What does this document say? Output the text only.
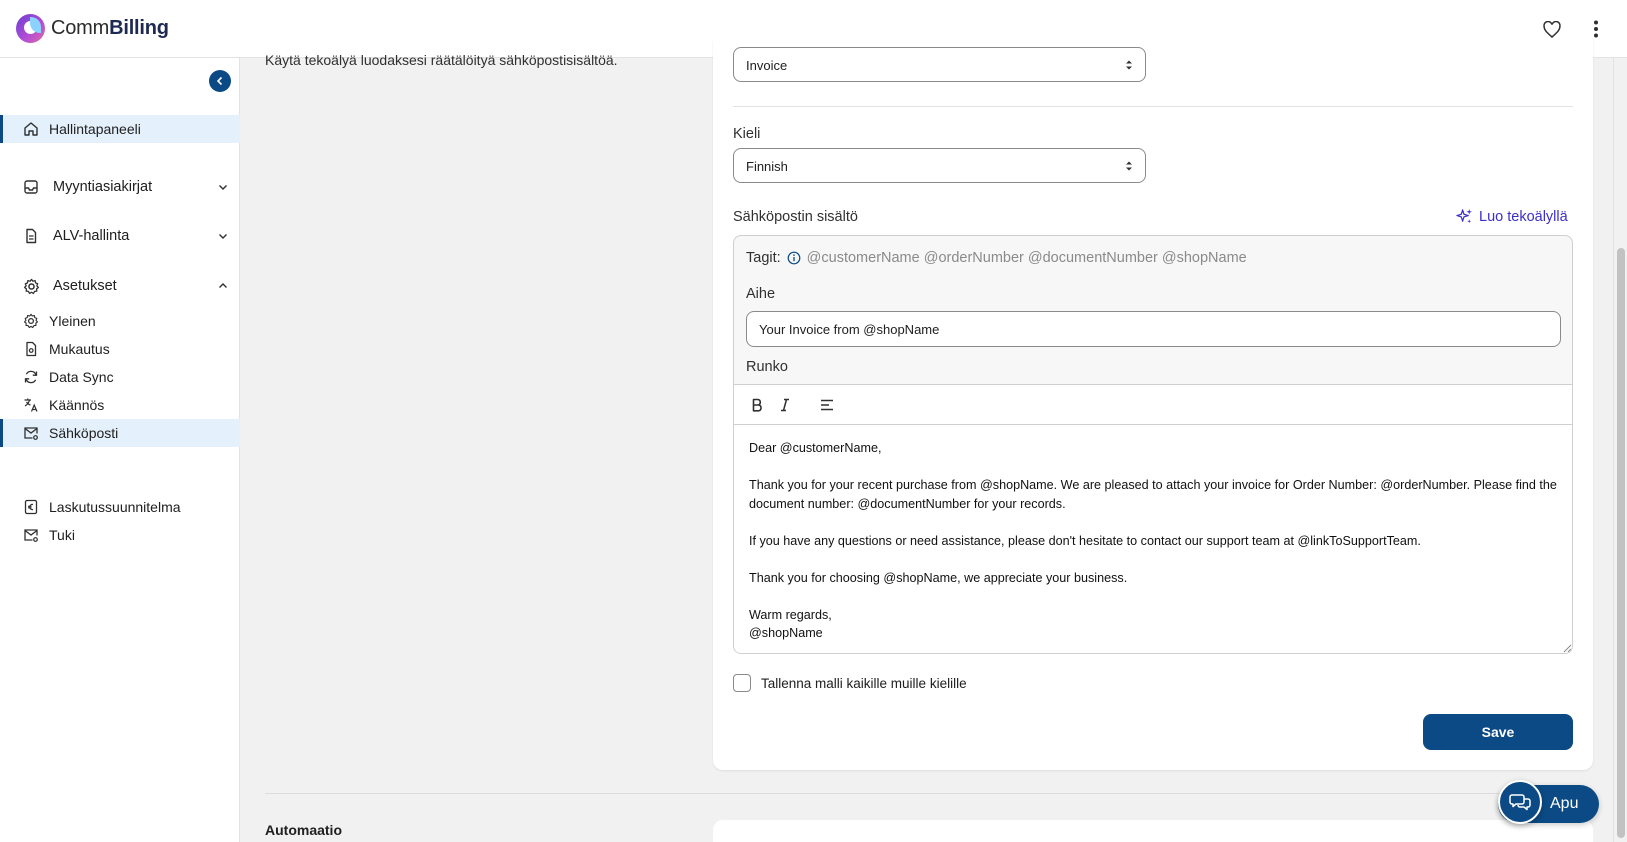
CommBilling
Hallintapaneeli
Myyntiasiakirjat
ALV-hallinta
Asetukset
Yleinen
Mukautus
Data Sync
Käännös
Sähköposti
Laskutussuunnitelma
Tuki
Käytä tekoälyä luodaksesi räätälöityä sähköpostisisältöä.	Invoice
Kieli
Finnish
Sähköpostin sisältö	Luo tekoälyllä
Tagit: @customerName @orderNumber @documentNumber @shopName
Aihe
Your Invoice from @shopName
Runko

Dear @customerName,

Thank you for your recent purchase from @shopName. We are pleased to attach your invoice for Order Number: @orderNumber. Please find the document number: @documentNumber for your records.

If you have any questions or need assistance, please don't hesitate to contact our support team at @linkToSupportTeam.

Thank you for choosing @shopName, we appreciate your business.

Warm regards,

@shopName

Tallenna malli kaikille muille kielille
Save
Automaatio
Apu
